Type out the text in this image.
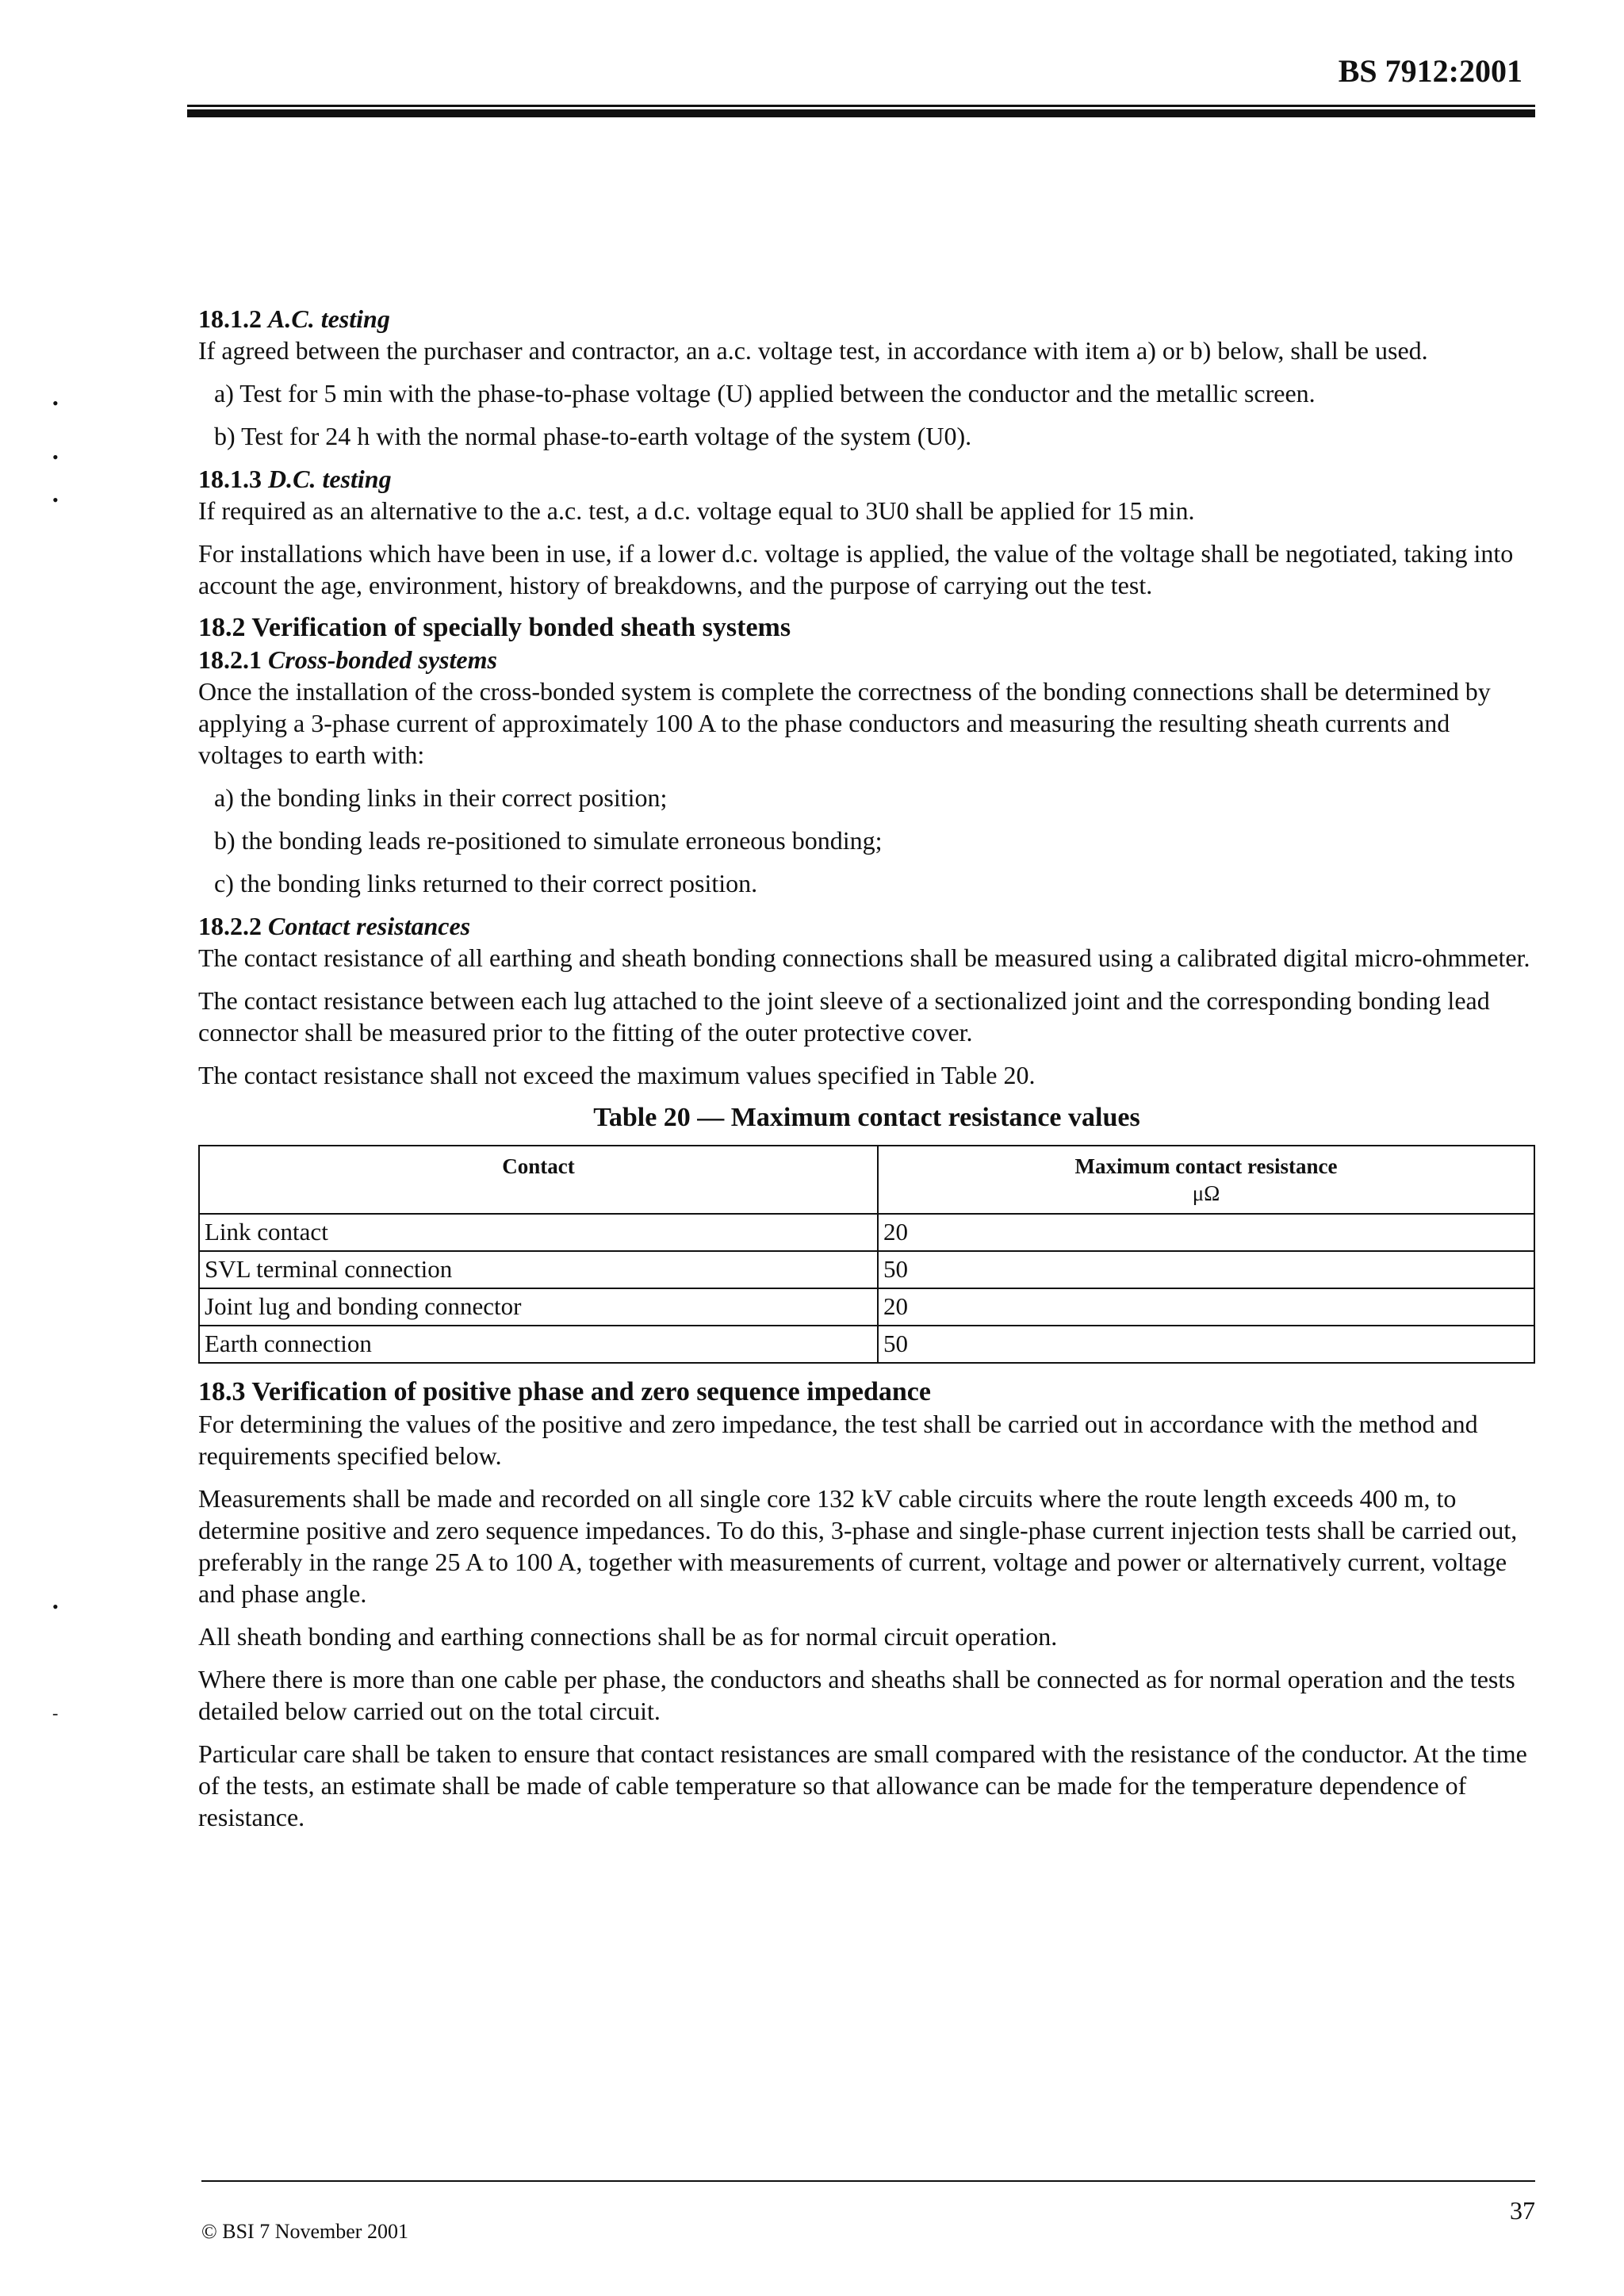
BS 7912:2001
•
•
•
•
-

18.1.2 A.C. testing

If agreed between the purchaser and contractor, an a.c. voltage test, in accordance with item a) or b) below, shall be used.

a) Test for 5 min with the phase-to-phase voltage (U) applied between the conductor and the metallic screen.

b) Test for 24 h with the normal phase-to-earth voltage of the system (U0).

18.1.3 D.C. testing

If required as an alternative to the a.c. test, a d.c. voltage equal to 3U0 shall be applied for 15 min.

For installations which have been in use, if a lower d.c. voltage is applied, the value of the voltage shall be negotiated, taking into account the age, environment, history of breakdowns, and the purpose of carrying out the test.

18.2 Verification of specially bonded sheath systems

18.2.1 Cross-bonded systems

Once the installation of the cross-bonded system is complete the correctness of the bonding connections shall be determined by applying a 3-phase current of approximately 100 A to the phase conductors and measuring the resulting sheath currents and voltages to earth with:

a) the bonding links in their correct position;

b) the bonding leads re-positioned to simulate erroneous bonding;

c) the bonding links returned to their correct position.

18.2.2 Contact resistances

The contact resistance of all earthing and sheath bonding connections shall be measured using a calibrated digital micro-ohmmeter.

The contact resistance between each lug attached to the joint sleeve of a sectionalized joint and the corresponding bonding lead connector shall be measured prior to the fitting of the outer protective cover.

The contact resistance shall not exceed the maximum values specified in Table 20.

Table 20 — Maximum contact resistance values

Contact	Maximum contact resistance
μΩ
Link contact	20
SVL terminal connection	50
Joint lug and bonding connector	20
Earth connection	50

18.3 Verification of positive phase and zero sequence impedance

For determining the values of the positive and zero impedance, the test shall be carried out in accordance with the method and requirements specified below.

Measurements shall be made and recorded on all single core 132 kV cable circuits where the route length exceeds 400 m, to determine positive and zero sequence impedances. To do this, 3-phase and single-phase current injection tests shall be carried out, preferably in the range 25 A to 100 A, together with measurements of current, voltage and power or alternatively current, voltage and phase angle.

All sheath bonding and earthing connections shall be as for normal circuit operation.

Where there is more than one cable per phase, the conductors and sheaths shall be connected as for normal operation and the tests detailed below carried out on the total circuit.

Particular care shall be taken to ensure that contact resistances are small compared with the resistance of the conductor. At the time of the tests, an estimate shall be made of cable temperature so that allowance can be made for the temperature dependence of resistance.

© BSI 7 November 2001
37
